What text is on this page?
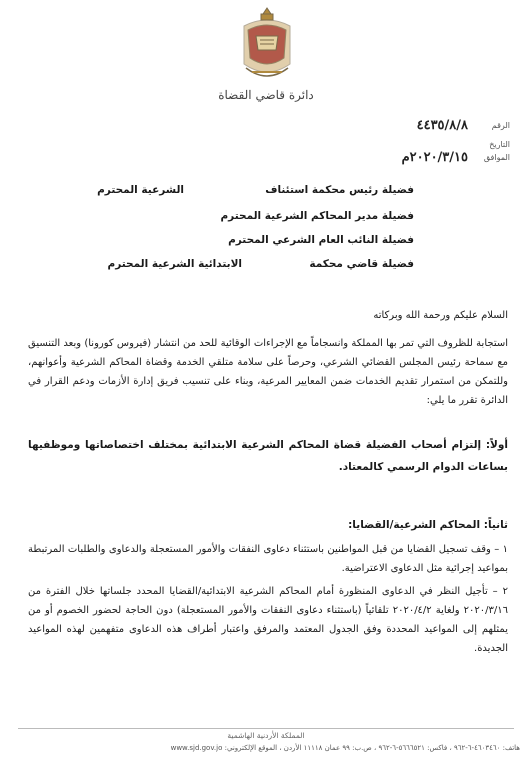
دائرة قاضي القضاة
الرقم
٤٤٣٥/٨/٨
التاريخ
الموافق
٢٠٢٠/٣/١٥م
فضيلة رئيس محكمة استئناف
الشرعية المحترم
فضيلة مدير المحاكم الشرعية المحترم
فضيلة النائب العام الشرعي المحترم
فضيلة قاضي محكمة
الابتدائية الشرعية المحترم
السلام عليكم ورحمة الله وبركاته
استجابة للظروف التي تمر بها المملكة وانسجاماً مع الإجراءات الوقائية للحد من انتشار (فيروس كورونا) وبعد التنسيق مع سماحة رئيس المجلس القضائي الشرعي، وحرصاً على سلامة متلقي الخدمة وقضاة المحاكم الشرعية وأعوانهم، وللتمكن من استمرار تقديم الخدمات ضمن المعايير المرعية، وبناء على تنسيب فريق إدارة الأزمات ودعم القرار في الدائرة تقرر ما يلي:
أولاً: إلتزام أصحاب الفضيلة قضاة المحاكم الشرعية الابتدائية بمختلف اختصاصاتها وموظفيها بساعات الدوام الرسمي كالمعتاد.
ثانياً: المحاكم الشرعية/القضايا:
١ – وقف تسجيل القضايا من قبل المواطنين باستثناء دعاوى النفقات والأمور المستعجلة والدعاوى والطلبات المرتبطة بمواعيد إجرائية مثل الدعاوى الاعتراضية.
٢ – تأجيل النظر في الدعاوى المنظورة أمام المحاكم الشرعية الابتدائية/القضايا المحدد جلساتها خلال الفترة من ٢٠٢٠/٣/١٦ ولغاية ٢٠٢٠/٤/٢ تلقائياً (باستثناء دعاوى النفقات والأمور المستعجلة) دون الحاجة لحضور الخصوم أو من يمثلهم إلى المواعيد المحددة وفق الجدول المعتمد والمرفق واعتبار أطراف هذه الدعاوى متفهمين لهذه المواعيد الجديدة.
المملكة الأردنية الهاشمية
هاتف: ٤٦٠٣٤٦٠-٦-٩٦٢ ، فاكس: ٥٦٦٦٥٢١-٦-٩٦٢ ، ص.ب: ٩٩ عمان ١١١١٨ الأردن ، الموقع الإلكتروني: www.sjd.gov.jo
